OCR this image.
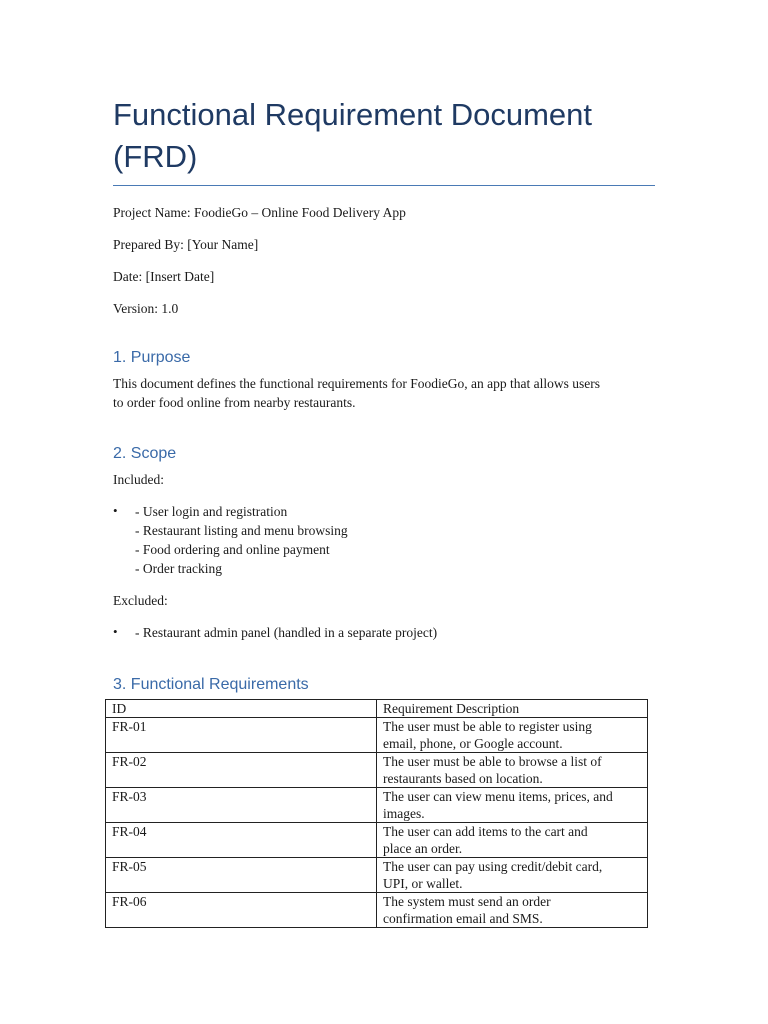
Functional Requirement Document (FRD)

Project Name: FoodieGo – Online Food Delivery App

Prepared By: [Your Name]

Date: [Insert Date]

Version: 1.0

1. Purpose

This document defines the functional requirements for FoodieGo, an app that allows users

to order food online from nearby restaurants.

2. Scope

Included:

• - User login and registration
- Restaurant listing and menu browsing
- Food ordering and online payment
- Order tracking

Excluded:

• - Restaurant admin panel (handled in a separate project)
3. Functional Requirements
ID	Requirement Description
FR-01	The user must be able to register using
email, phone, or Google account.

FR-02	The user must be able to browse a list of
restaurants based on location.

FR-03	The user can view menu items, prices, and
images.

FR-04	The user can add items to the cart and
place an order.

FR-05	The user can pay using credit/debit card,
UPI, or wallet.

FR-06	The system must send an order
confirmation email and SMS.
